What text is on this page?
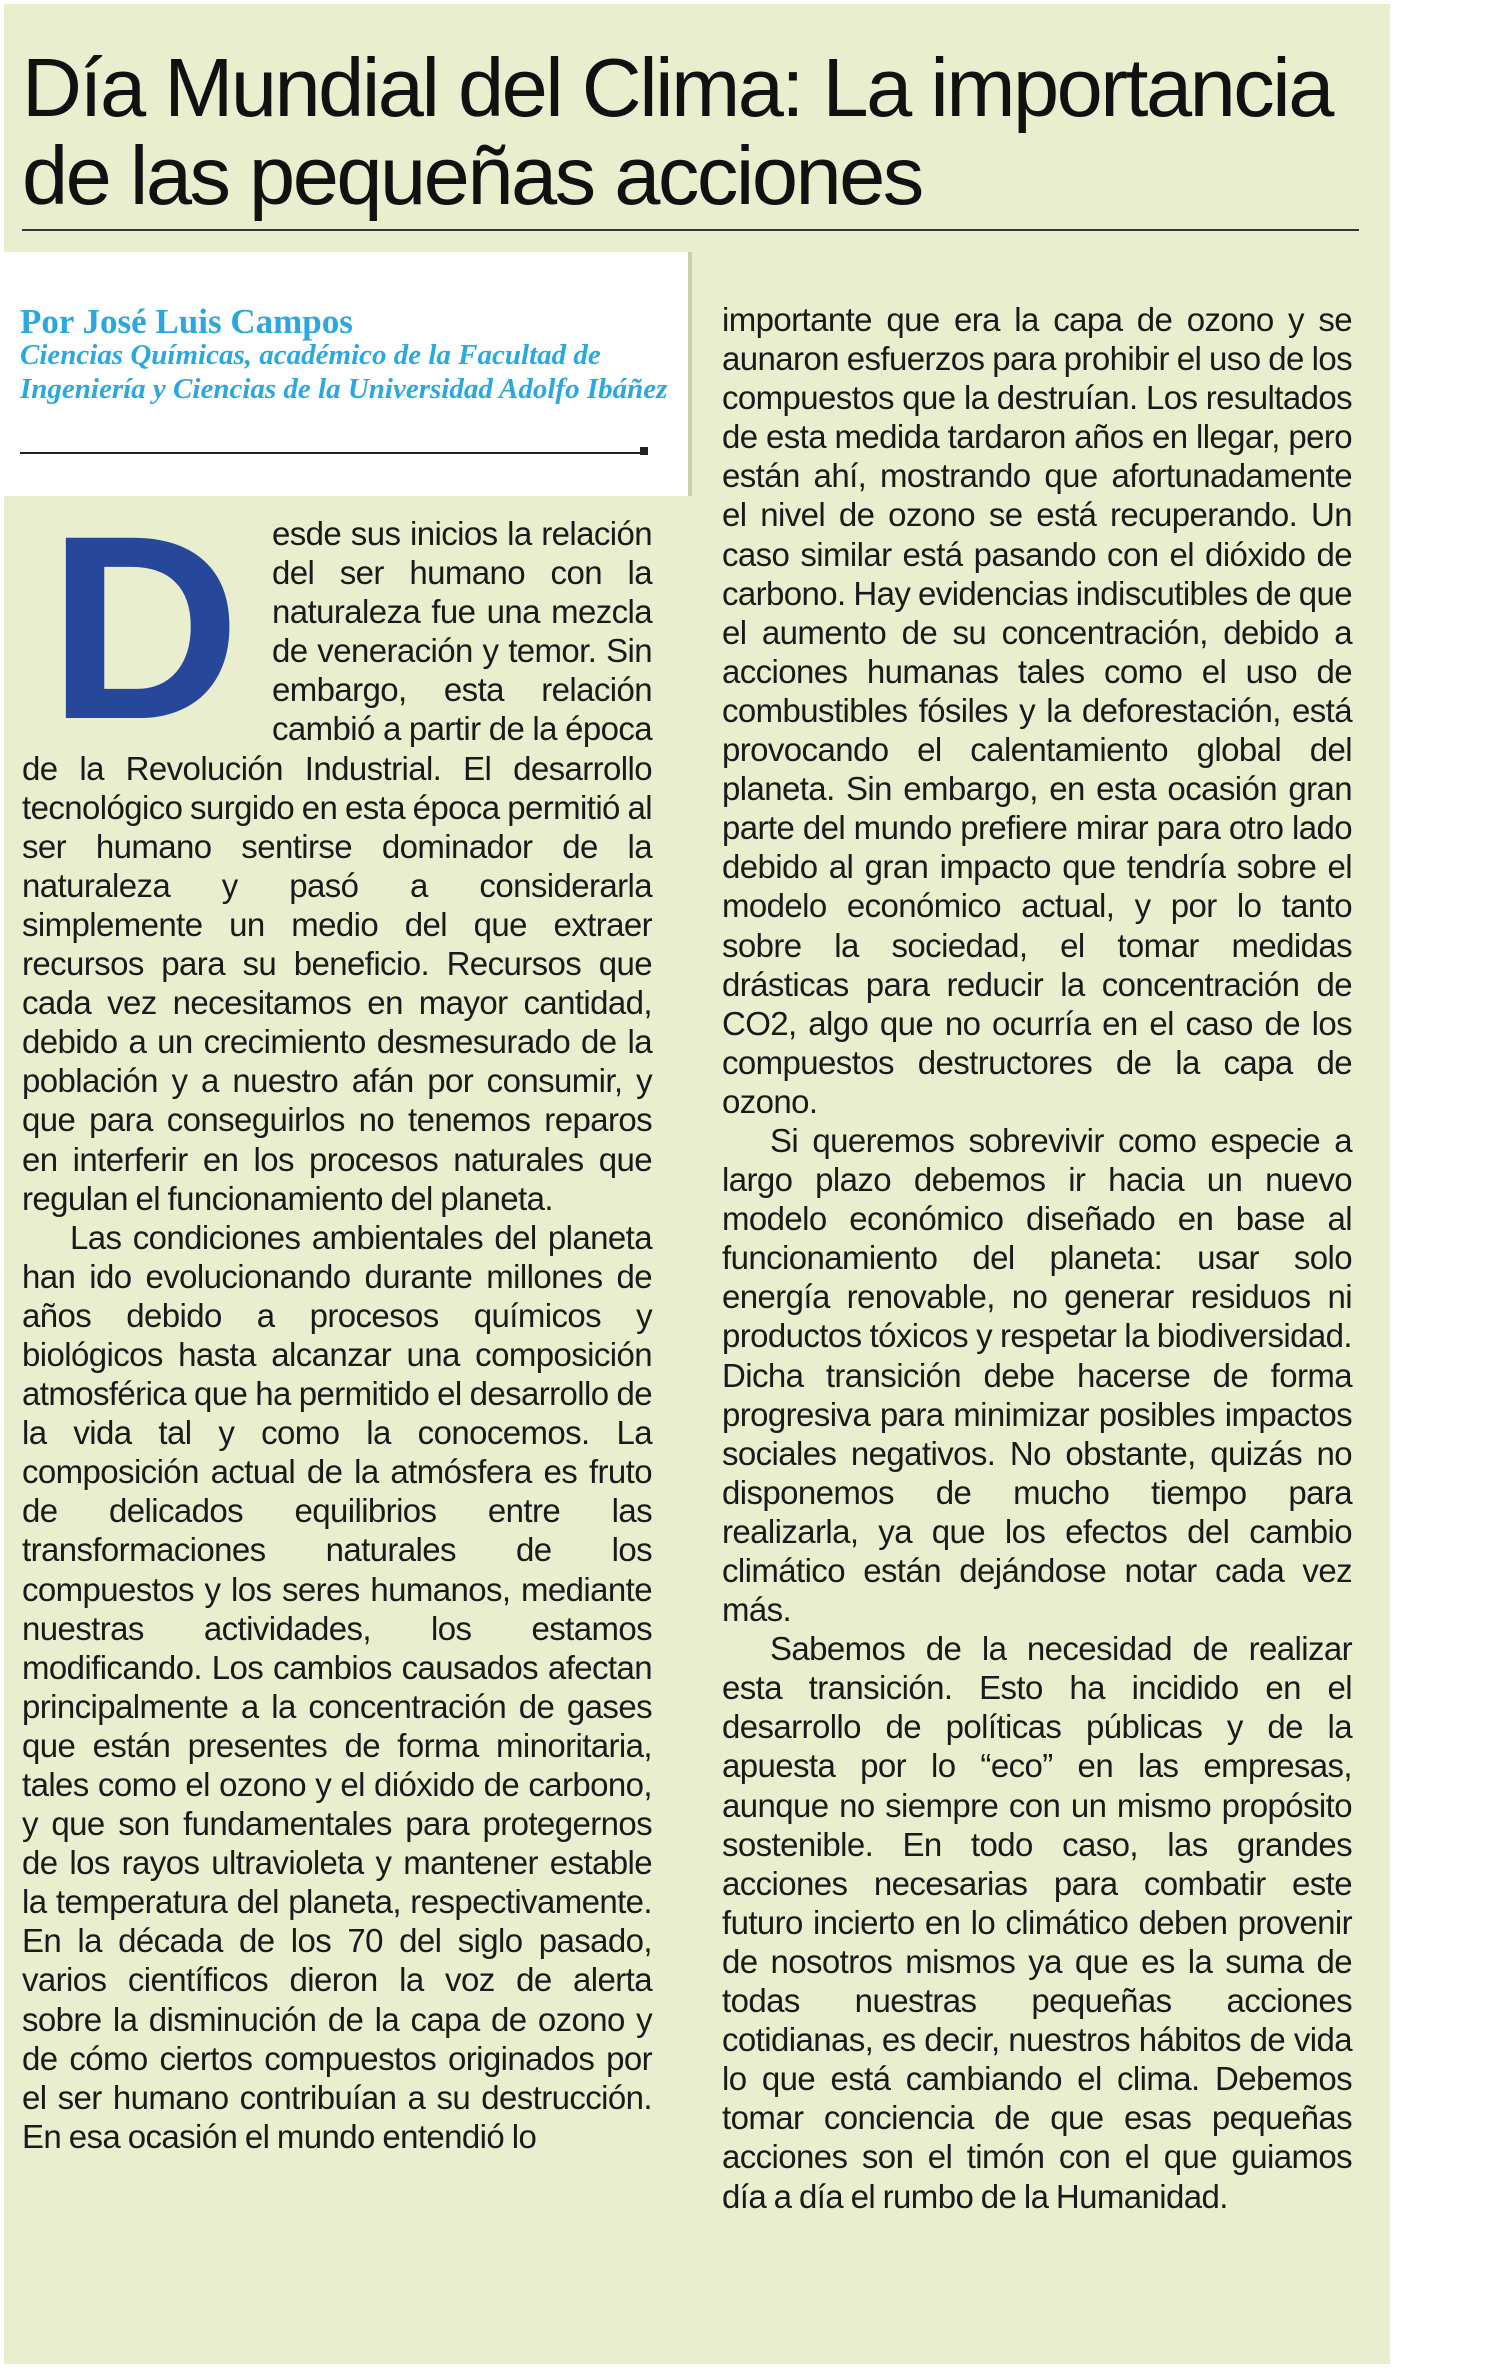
Día Mundial del Clima: La importancia de las pequeñas acciones

Por José Luis Campos

Ciencias Químicas, académico de la Facultad de Ingeniería y Ciencias de la Universidad Adolfo Ibáñez

D esde sus inicios la relación del ser humano con la naturaleza fue una mezcla de veneración y temor. Sin embargo, esta relación cambió a partir de la época de la Revolución Industrial. El desarrollo tecnológico surgido en esta época permitió al ser humano sentirse dominador de la naturaleza y pasó a considerarla simplemente un medio del que extraer recursos para su beneficio. Recursos que cada vez necesitamos en mayor cantidad, debido a un crecimiento desmesurado de la población y a nuestro afán por consumir, y que para conseguirlos no tenemos reparos en interferir en los procesos naturales que regulan el funcionamiento del planeta.

Las condiciones ambientales del planeta han ido evolucionando durante millones de años debido a procesos químicos y biológicos hasta alcanzar una composición atmosférica que ha permitido el desarrollo de la vida tal y como la conocemos. La composición actual de la atmósfera es fruto de delicados equilibrios entre las transformaciones naturales de los compuestos y los seres humanos, mediante nuestras actividades, los estamos modificando. Los cambios causados afectan principalmente a la concentración de gases que están presentes de forma minoritaria, tales como el ozono y el dióxido de carbono, y que son fundamentales para protegernos de los rayos ultravioleta y mantener estable la temperatura del planeta, respectivamente. En la década de los 70 del siglo pasado, varios científicos dieron la voz de alerta sobre la disminución de la capa de ozono y de cómo ciertos compuestos originados por el ser humano contribuían a su destrucción. En esa ocasión el mundo entendió lo

importante que era la capa de ozono y se aunaron esfuerzos para prohibir el uso de los compuestos que la destruían. Los resultados de esta medida tardaron años en llegar, pero están ahí, mostrando que afortunadamente el nivel de ozono se está recuperando. Un caso similar está pasando con el dióxido de carbono. Hay evidencias indiscutibles de que el aumento de su concentración, debido a acciones humanas tales como el uso de combustibles fósiles y la deforestación, está provocando el calentamiento global del planeta. Sin embargo, en esta ocasión gran parte del mundo prefiere mirar para otro lado debido al gran impacto que tendría sobre el modelo económico actual, y por lo tanto sobre la sociedad, el tomar medidas drásticas para reducir la concentración de CO2, algo que no ocurría en el caso de los compuestos destructores de la capa de ozono.

Si queremos sobrevivir como especie a largo plazo debemos ir hacia un nuevo modelo económico diseñado en base al funcionamiento del planeta: usar solo energía renovable, no generar residuos ni productos tóxicos y respetar la biodiversidad. Dicha transición debe hacerse de forma progresiva para minimizar posibles impactos sociales negativos. No obstante, quizás no disponemos de mucho tiempo para realizarla, ya que los efectos del cambio climático están dejándose notar cada vez más.

Sabemos de la necesidad de realizar esta transición. Esto ha incidido en el desarrollo de políticas públicas y de la apuesta por lo “eco” en las empresas, aunque no siempre con un mismo propósito sostenible. En todo caso, las grandes acciones necesarias para combatir este futuro incierto en lo climático deben provenir de nosotros mismos ya que es la suma de todas nuestras pequeñas acciones cotidianas, es decir, nuestros hábitos de vida lo que está cambiando el clima. Debemos tomar conciencia de que esas pequeñas acciones son el timón con el que guiamos día a día el rumbo de la Humanidad.
